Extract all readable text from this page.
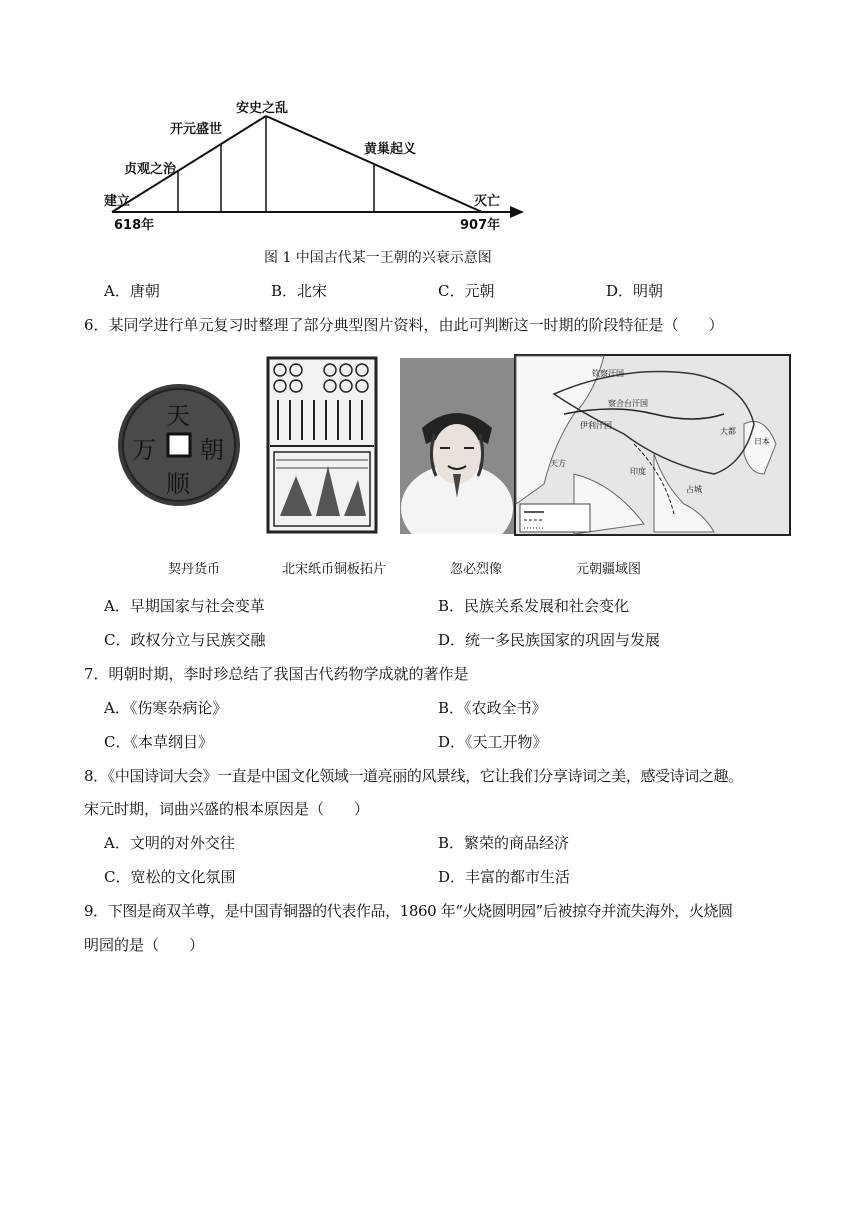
建立
618年
贞观之治
开元盛世
安史之乱
黄巢起义
灭亡
907年
图 1 中国古代某一王朝的兴衰示意图
A．唐朝	B．北宋	C．元朝	D．明朝
6．某同学进行单元复习时整理了部分典型图片资料，由此可判断这一时期的阶段特征是（　　）
天
朝
万
顺
钦察汗国
察合台汗国
伊利汗国
大都
日本
印度
天方
占城
契丹货币	北宋纸币铜板拓片	忽必烈像	元朝疆域图
A．早期国家与社会变革	B．民族关系发展和社会变化
C．政权分立与民族交融	D．统一多民族国家的巩固与发展
7．明朝时期，李时珍总结了我国古代药物学成就的著作是
A．《伤寒杂病论》	B．《农政全书》
C．《本草纲目》	D．《天工开物》
8．《中国诗词大会》一直是中国文化领域一道亮丽的风景线，它让我们分享诗词之美，感受诗词之趣。
宋元时期，词曲兴盛的根本原因是（　　）
A．文明的对外交往	B．繁荣的商品经济
C．宽松的文化氛围	D．丰富的都市生活
9．下图是商双羊尊，是中国青铜器的代表作品，1860 年“火烧圆明园”后被掠夺并流失海外，火烧圆
明园的是（　　）
